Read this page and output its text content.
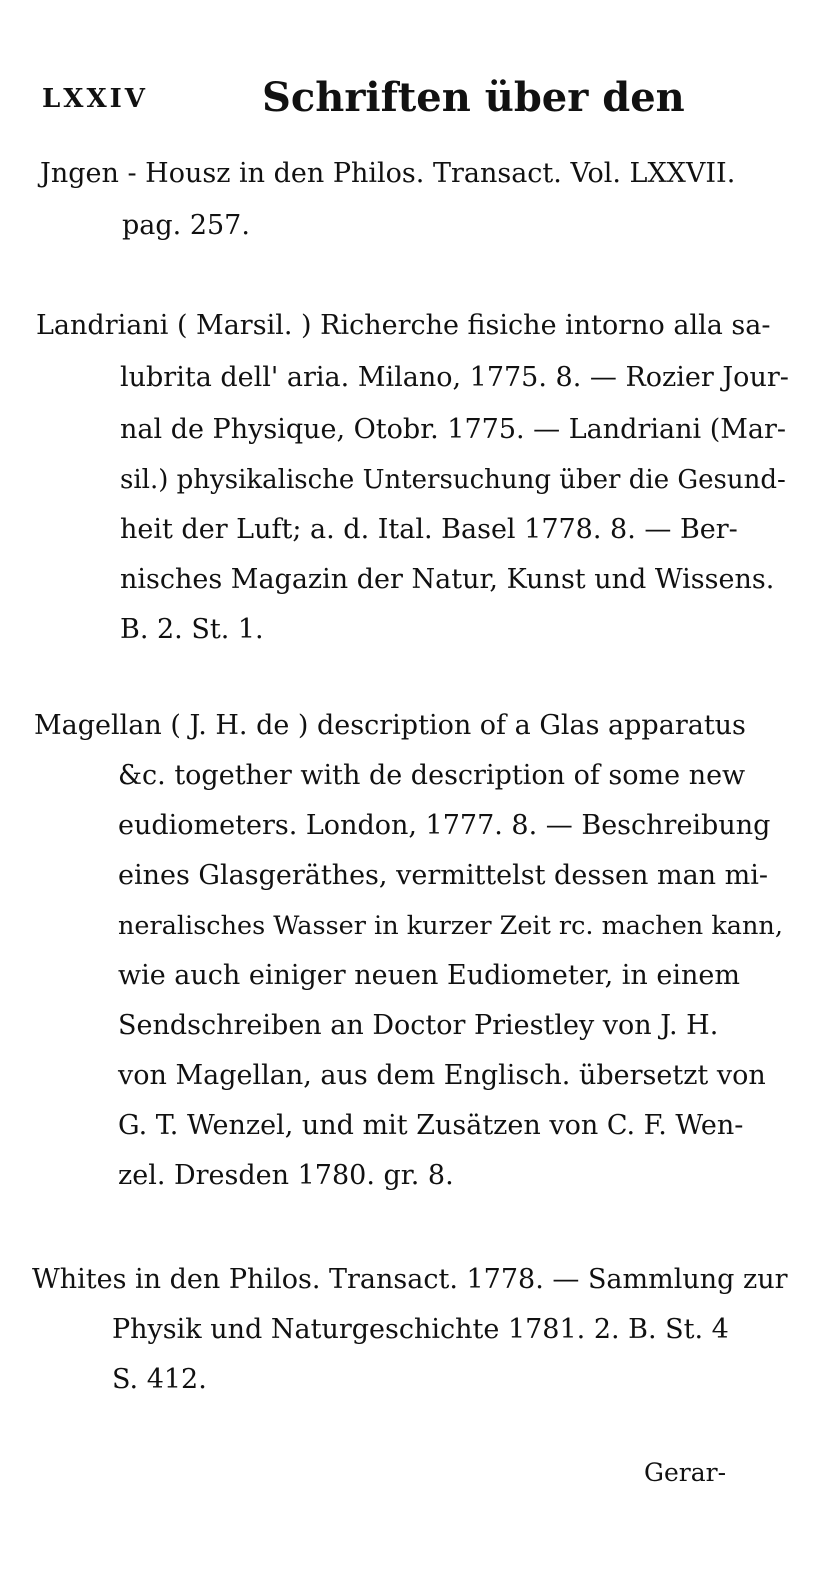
LXXIV	Schriften über den
Jngen - Housz in den Philos. Transact. Vol. LXXVII.
pag. 257.
Landriani ( Marsil. ) Richerche fisiche intorno alla sa-
lubrita dell' aria. Milano, 1775. 8. — Rozier Jour-
nal de Physique, Otobr. 1775. — Landriani (Mar-
sil.) physikalische Untersuchung über die Gesund-
heit der Luft; a. d. Ital. Basel 1778. 8. — Ber-
nisches Magazin der Natur, Kunst und Wissens.
B. 2. St. 1.
Magellan ( J. H. de ) description of a Glas apparatus
&c. together with de description of some new
eudiometers. London, 1777. 8. — Beschreibung
eines Glasgeräthes, vermittelst dessen man mi-
neralisches Wasser in kurzer Zeit rc. machen kann,
wie auch einiger neuen Eudiometer, in einem
Sendschreiben an Doctor Priestley von J. H.
von Magellan, aus dem Englisch. übersetzt von
G. T. Wenzel, und mit Zusätzen von C. F. Wen-
zel. Dresden 1780. gr. 8.
Whites in den Philos. Transact. 1778. — Sammlung zur
Physik und Naturgeschichte 1781. 2. B. St. 4
S. 412.
Gerar-
